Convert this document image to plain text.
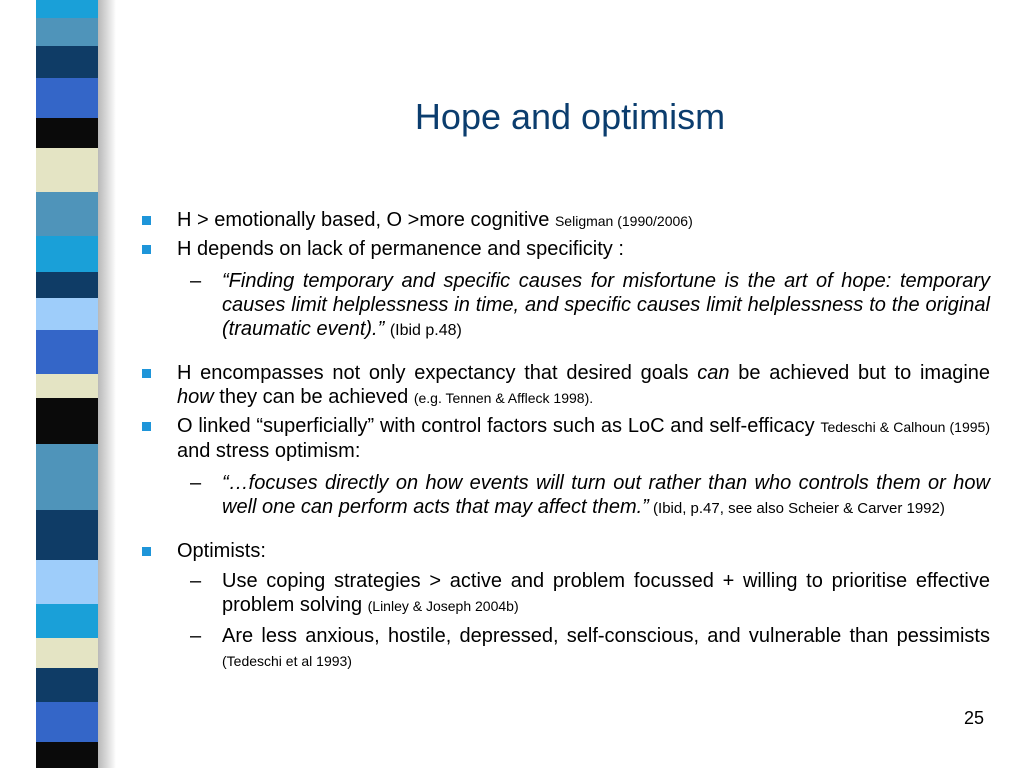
Hope and optimism
H > emotionally based, O >more cognitive Seligman (1990/2006)
H depends on lack of permanence and specificity :
– “Finding temporary and specific causes for misfortune is the art of hope: temporary causes limit helplessness in time, and specific causes limit helplessness to the original (traumatic event).” (Ibid p.48)
H encompasses not only expectancy that desired goals can be achieved but to imagine how they can be achieved (e.g. Tennen & Affleck 1998).
O linked “superficially” with control factors such as LoC and self-efficacy Tedeschi & Calhoun (1995) and stress optimism:
– “…focuses directly on how events will turn out rather than who controls them or how well one can perform acts that may affect them.” (Ibid, p.47, see also Scheier & Carver 1992)
Optimists:
– Use coping strategies > active and problem focussed + willing to prioritise effective problem solving (Linley & Joseph 2004b)
– Are less anxious, hostile, depressed, self-conscious, and vulnerable than pessimists (Tedeschi et al 1993)
25
